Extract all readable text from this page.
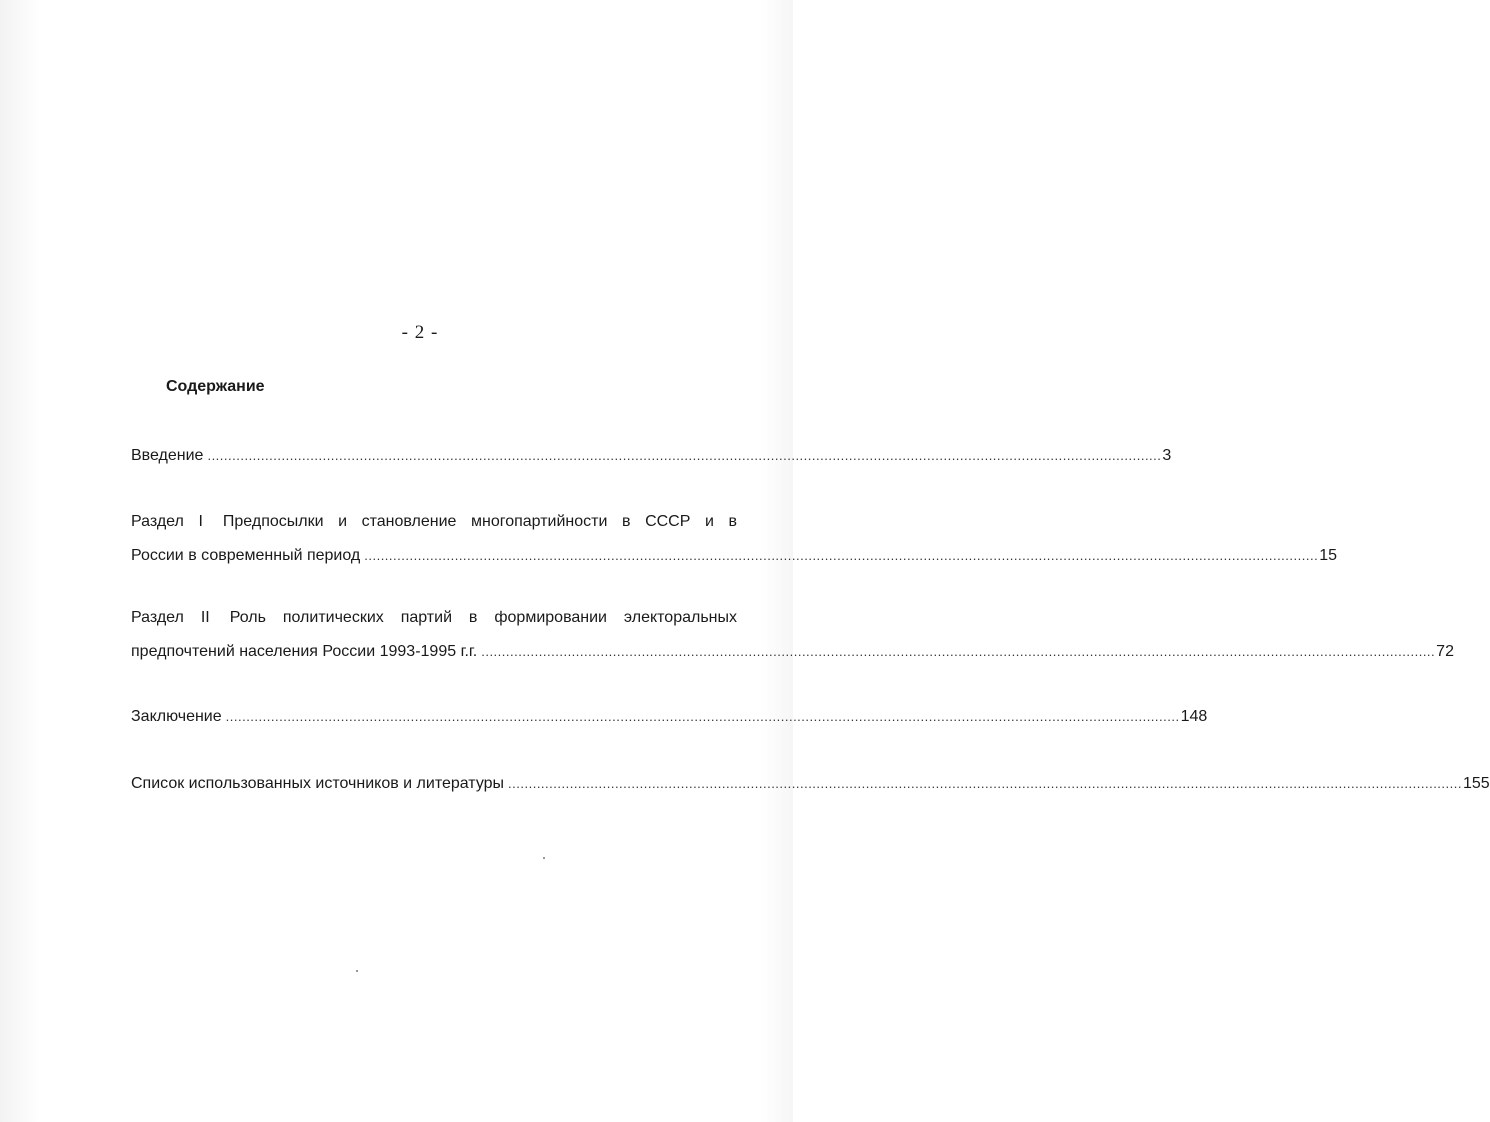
- 2 -
Содержание
Введение ........................................................................................................................................................................................................................................ 3
Раздел I Предпосылки и становление многопартийности в СССР и в
России в современный период ........................................................................................................................................................................................................................................ 15
Раздел II Роль политических партий в формировании электоральных
предпочтений населения России 1993-1995 г.г. ........................................................................................................................................................................................................................................ 72
Заключение ........................................................................................................................................................................................................................................ 148
Список использованных источников и литературы ........................................................................................................................................................................................................................................ 155
